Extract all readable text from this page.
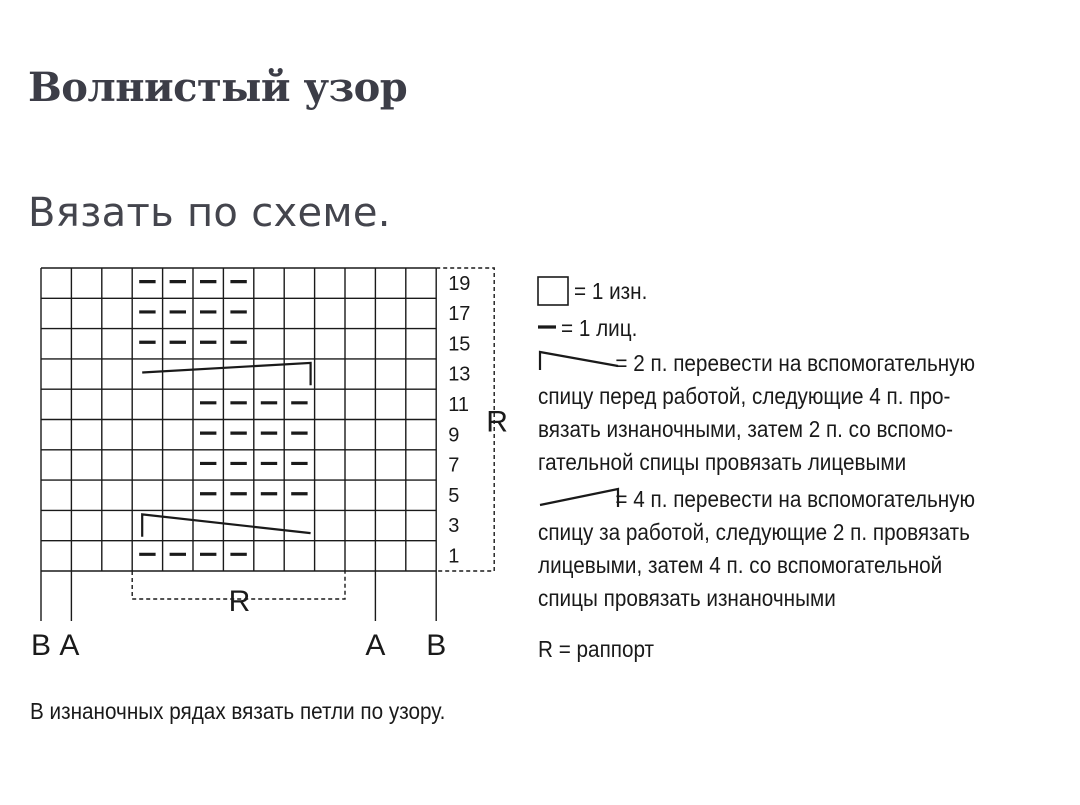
Волнистый узор

Вязать по схеме.

19
17
15
13
11
9
7
5
3
1
R
R
B A	A B
= 1 изн.
= 1 лиц.
= 2 п. перевести на вспомогательную
спицу перед работой, следующие 4 п. про-
вязать изнаночными, затем 2 п. со вспомо-
гательной спицы провязать лицевыми
= 4 п. перевести на вспомогательную
спицу за работой, следующие 2 п. провязать
лицевыми, затем 4 п. со вспомогательной
спицы провязать изнаночными
R = раппорт
В изнаночных рядах вязать петли по узору.
